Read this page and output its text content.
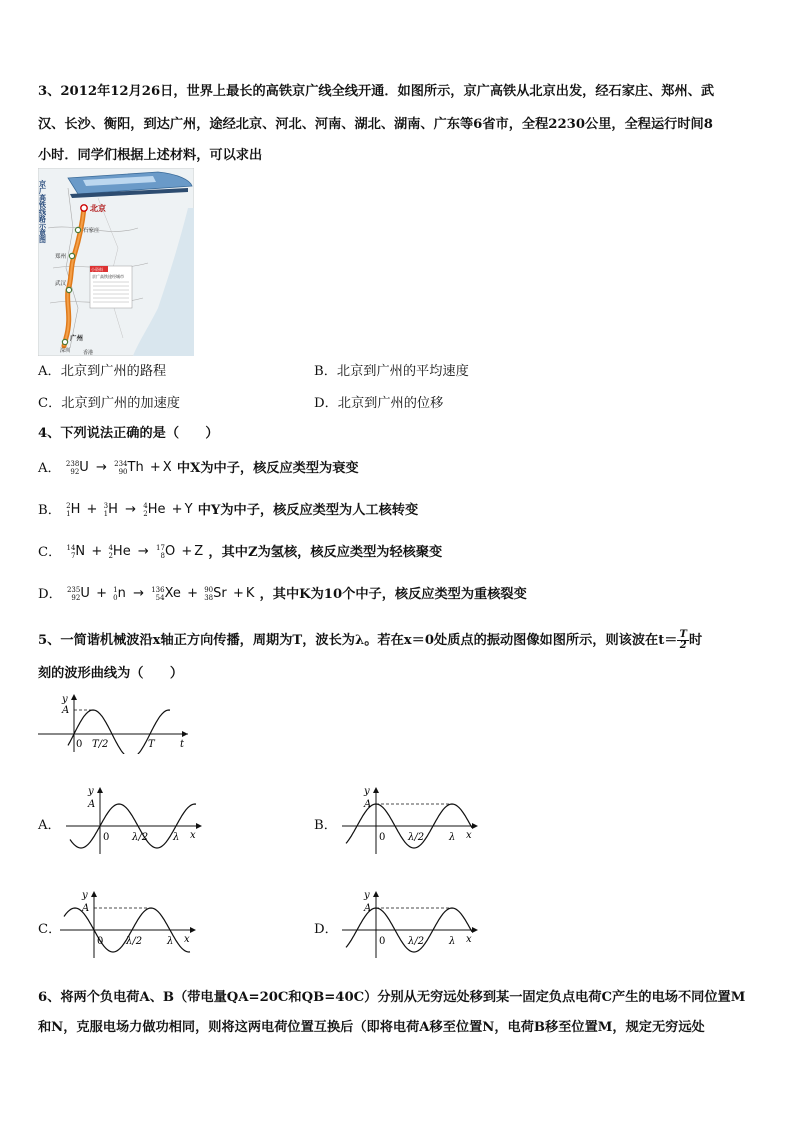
3、2012年12月26日，世界上最长的高铁京广线全线开通．如图所示，京广高铁从北京出发，经石家庄、郑州、武
汉、长沙、衡阳，到达广州，途经北京、河北、河南、湖北、湖南、广东等6省市，全程2230公里，全程运行时间8
小时．同学们根据上述材料，可以求出
京广高铁线路示意图	北京
石家庄
郑州
武汉
广州
深圳	香港
小资料
京广高铁途经城市
A．北京到广州的路程	B．北京到广州的平均速度
C．北京到广州的加速度	D．北京到广州的位移
4、下列说法正确的是（　　）
A． 238
92 U → 234
90 Th + X 中X为中子，核反应类型为衰变
B． 2
1 H + 3
1 H → 4
2 He + Y 中Y为中子，核反应类型为人工核转变
C． 14
7 N + 4
2 He → 17
8 O + Z ，其中Z为氢核，核反应类型为轻核聚变
D． 235
92 U + 1
0 n → 136
54 Xe + 90
38 Sr + K ，其中K为10个中子，核反应类型为重核裂变
5、一简谐机械波沿x轴正方向传播，周期为T，波长为λ。若在x＝0处质点的振动图像如图所示，则该波在$t= \frac{T}{2}$ 时
刻的波形曲线为（　　）
y
A
0 T/2	T	t
A．	B．
C．	D．
y
A
0 λ/2 λ x
y
A
0 λ/2 λ x
y
A
0 λ/2 λ x
y
A
0 λ/2 λ x
6、将两个负电荷A、B（带电量QA=20C和QB=40C）分别从无穷远处移到某一固定负点电荷C产生的电场不同位置M
和N，克服电场力做功相同，则将这两电荷位置互换后（即将电荷A移至位置N，电荷B移至位置M，规定无穷远处
